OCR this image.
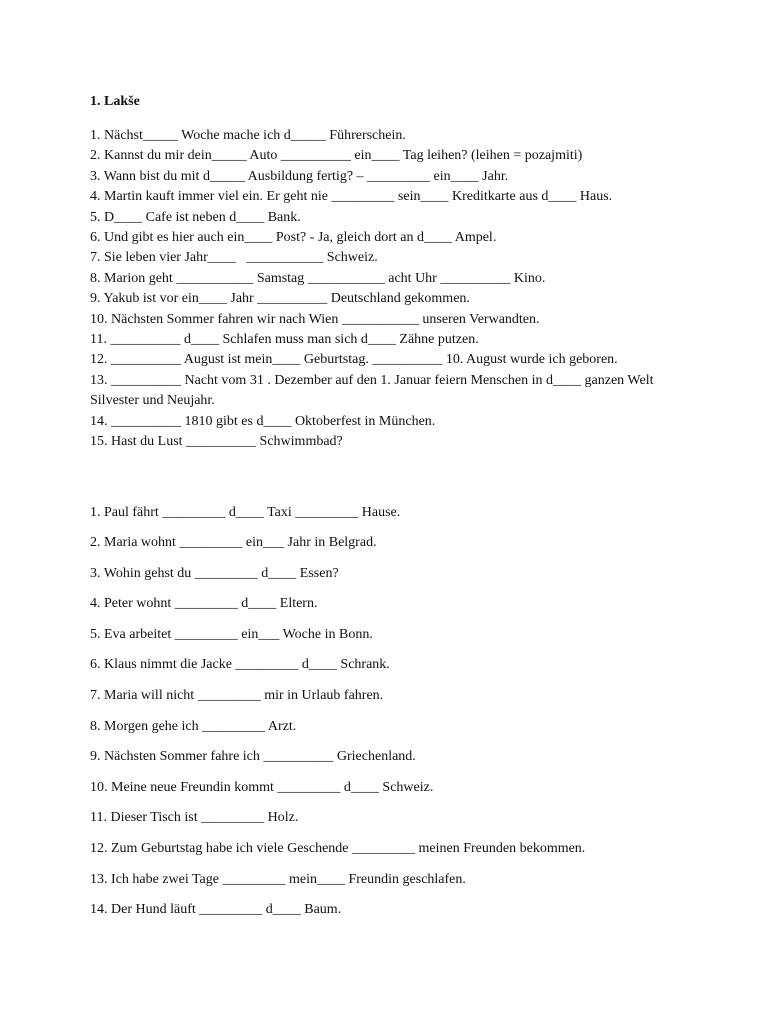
1. Lakše
1. Nächst_____ Woche mache ich d_____ Führerschein.
2. Kannst du mir dein_____ Auto __________ ein____ Tag leihen? (leihen = pozajmiti)
3. Wann bist du mit d_____ Ausbildung fertig? – _________ ein____ Jahr.
4. Martin kauft immer viel ein. Er geht nie _________ sein____ Kreditkarte aus d____ Haus.
5. D____ Cafe ist neben d____ Bank.
6. Und gibt es hier auch ein____ Post? - Ja, gleich dort an d____ Ampel.
7. Sie leben vier Jahr____   ___________ Schweiz.
8. Marion geht ___________ Samstag ___________ acht Uhr __________ Kino.
9. Yakub ist vor ein____ Jahr __________ Deutschland gekommen.
10. Nächsten Sommer fahren wir nach Wien ___________ unseren Verwandten.
11. __________ d____ Schlafen muss man sich d____ Zähne putzen.
12. __________ August ist mein____ Geburtstag. __________ 10. August wurde ich geboren.
13. __________ Nacht vom 31 . Dezember auf den 1. Januar feiern Menschen in d____ ganzen Welt Silvester und Neujahr.
14. __________ 1810 gibt es d____ Oktoberfest in München.
15. Hast du Lust __________ Schwimmbad?
1. Paul fährt _________ d____ Taxi _________ Hause.
2. Maria wohnt _________ ein___ Jahr in Belgrad.
3. Wohin gehst du _________ d____ Essen?
4. Peter wohnt _________ d____ Eltern.
5. Eva arbeitet _________ ein___ Woche in Bonn.
6. Klaus nimmt die Jacke _________ d____ Schrank.
7. Maria will nicht _________ mir in Urlaub fahren.
8. Morgen gehe ich _________ Arzt.
9. Nächsten Sommer fahre ich __________ Griechenland.
10. Meine neue Freundin kommt _________ d____ Schweiz.
11. Dieser Tisch ist _________ Holz.
12. Zum Geburtstag habe ich viele Geschende _________ meinen Freunden bekommen.
13. Ich habe zwei Tage _________ mein____ Freundin geschlafen.
14. Der Hund läuft _________ d____ Baum.
